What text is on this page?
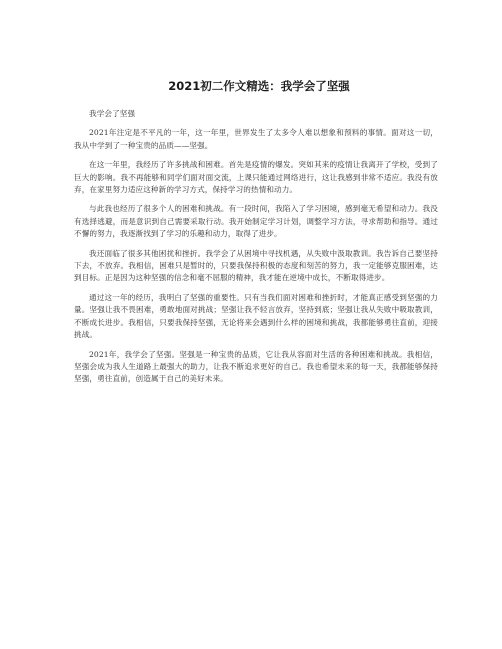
2021初二作文精选：我学会了坚强

我学会了坚强

2021年注定是不平凡的一年，这一年里，世界发生了太多令人难以想象和预料的事情。面对这一切，我从中学到了一种宝贵的品质——坚强。

在这一年里，我经历了许多挑战和困难。首先是疫情的爆发。突如其来的疫情让我离开了学校，受到了巨大的影响。我不再能够和同学们面对面交流，上课只能通过网络进行，这让我感到非常不适应。我没有放弃，在家里努力适应这种新的学习方式，保持学习的热情和动力。

与此我也经历了很多个人的困难和挑战。有一段时间，我陷入了学习困境，感到毫无希望和动力。我没有选择逃避，而是意识到自己需要采取行动。我开始制定学习计划，调整学习方法，寻求帮助和指导。通过不懈的努力，我逐渐找到了学习的乐趣和动力，取得了进步。

我还面临了很多其他困扰和挫折。我学会了从困境中寻找机遇，从失败中汲取教训。我告诉自己要坚持下去，不放弃。我相信，困难只是暂时的，只要我保持积极的态度和刻苦的努力，我一定能够克服困难，达到目标。正是因为这种坚强的信念和毫不屈服的精神，我才能在逆境中成长，不断取得进步。

通过这一年的经历，我明白了坚强的重要性。只有当我们面对困难和挫折时，才能真正感受到坚强的力量。坚强让我不畏困难，勇敢地面对挑战；坚强让我不轻言放弃，坚持到底；坚强让我从失败中吸取教训，不断成长进步。我相信，只要我保持坚强，无论将来会遇到什么样的困境和挑战，我都能够勇往直前，迎接挑战。

2021年，我学会了坚强。坚强是一种宝贵的品质，它让我从容面对生活的各种困难和挑战。我相信，坚强会成为我人生道路上最强大的助力，让我不断追求更好的自己。我也希望未来的每一天，我都能够保持坚强，勇往直前，创造属于自己的美好未来。
